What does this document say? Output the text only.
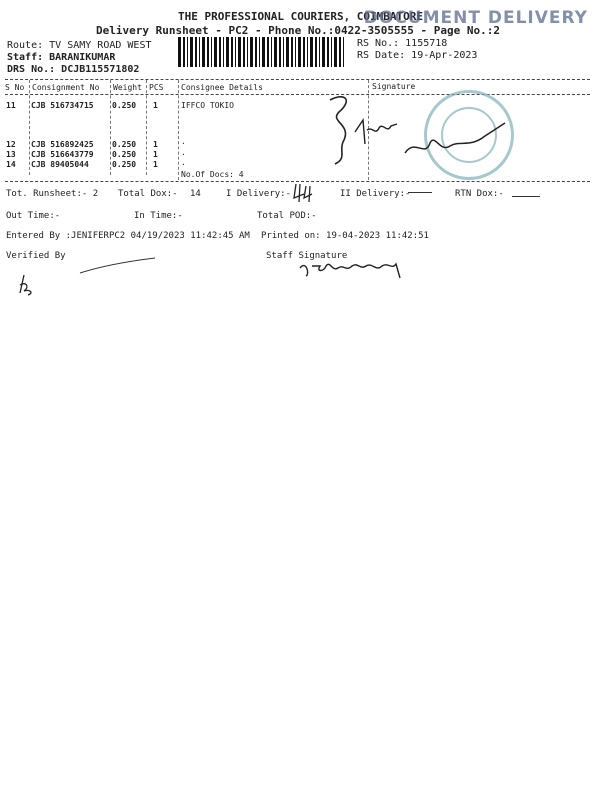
THE PROFESSIONAL COURIERS, COIMBATORE
DOCUMENT DELIVERY
Delivery Runsheet - PC2 - Phone No.:0422-3505555 - Page No.:2
Route: TV SAMY ROAD WEST
Staff: BARANIKUMAR
DRS No.: DCJB115571802
RS No.: 1155718
RS Date: 19-Apr-2023
S No Consignment No Weight PCS Consignee Details	Signature
11 CJB 516734715 0.250 1	IFFCO TOKIO
12 CJB 516892425 0.250 1	.
13 CJB 516643779 0.250 1	.
14 CJB 89405044	0.250 1	.
No.Of Docs: 4
Tot. Runsheet:- 2 Total Dox:- 14	I Delivery:-	II Delivery:-	RTN Dox:-
Out Time:-	In Time:-	Total POD:-
Entered By :JENIFERPC2 04/19/2023 11:42:45 AM Printed on: 19-04-2023 11:42:51
Verified By	Staff Signature
